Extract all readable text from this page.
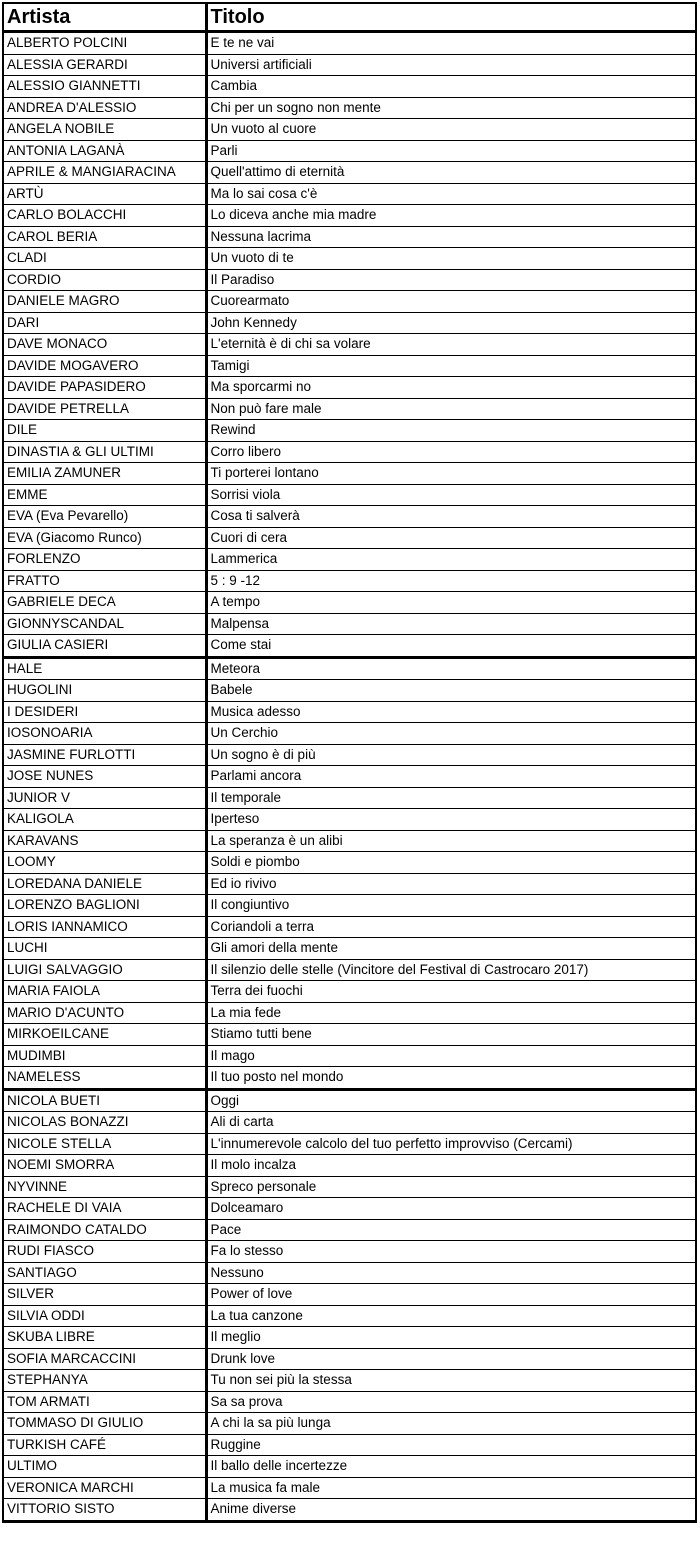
Artista	Titolo
ALBERTO POLCINI	E te ne vai
ALESSIA GERARDI	Universi artificiali
ALESSIO GIANNETTI	Cambia
ANDREA D'ALESSIO	Chi per un sogno non mente
ANGELA NOBILE	Un vuoto al cuore
ANTONIA LAGANÀ	Parli
APRILE & MANGIARACINA	Quell'attimo di eternità
ARTÙ	Ma lo sai cosa c'è
CARLO BOLACCHI	Lo diceva anche mia madre
CAROL BERIA	Nessuna lacrima
CLADI	Un vuoto di te
CORDIO	Il Paradiso
DANIELE MAGRO	Cuorearmato
DARI	John Kennedy
DAVE MONACO	L'eternità è di chi sa volare
DAVIDE MOGAVERO	Tamigi
DAVIDE PAPASIDERO	Ma sporcarmi no
DAVIDE PETRELLA	Non può fare male
DILE	Rewind
DINASTIA & GLI ULTIMI	Corro libero
EMILIA ZAMUNER	Ti porterei lontano
EMME	Sorrisi viola
EVA (Eva Pevarello)	Cosa ti salverà
EVA (Giacomo Runco)	Cuori di cera
FORLENZO	Lammerica
FRATTO	5 : 9 -12
GABRIELE DECA	A tempo
GIONNYSCANDAL	Malpensa
GIULIA CASIERI	Come stai
HALE	Meteora
HUGOLINI	Babele
I DESIDERI	Musica adesso
IOSONOARIA	Un Cerchio
JASMINE FURLOTTI	Un sogno è di più
JOSE NUNES	Parlami ancora
JUNIOR V	Il temporale
KALIGOLA	Iperteso
KARAVANS	La speranza è un alibi
LOOMY	Soldi e piombo
LOREDANA DANIELE	Ed io rivivo
LORENZO BAGLIONI	Il congiuntivo
LORIS IANNAMICO	Coriandoli a terra
LUCHI	Gli amori della mente
LUIGI SALVAGGIO	Il silenzio delle stelle (Vincitore del Festival di Castrocaro 2017)
MARIA FAIOLA	Terra dei fuochi
MARIO D'ACUNTO	La mia fede
MIRKOEILCANE	Stiamo tutti bene
MUDIMBI	Il mago
NAMELESS	Il tuo posto nel mondo
NICOLA BUETI	Oggi
NICOLAS BONAZZI	Ali di carta
NICOLE STELLA	L'innumerevole calcolo del tuo perfetto improvviso (Cercami)
NOEMI SMORRA	Il molo incalza
NYVINNE	Spreco personale
RACHELE DI VAIA	Dolceamaro
RAIMONDO CATALDO	Pace
RUDI FIASCO	Fa lo stesso
SANTIAGO	Nessuno
SILVER	Power of love
SILVIA ODDI	La tua canzone
SKUBA LIBRE	Il meglio
SOFIA MARCACCINI	Drunk love
STEPHANYA	Tu non sei più la stessa
TOM ARMATI	Sa sa prova
TOMMASO DI GIULIO	A chi la sa più lunga
TURKISH CAFÉ	Ruggine
ULTIMO	Il ballo delle incertezze
VERONICA MARCHI	La musica fa male
VITTORIO SISTO	Anime diverse
